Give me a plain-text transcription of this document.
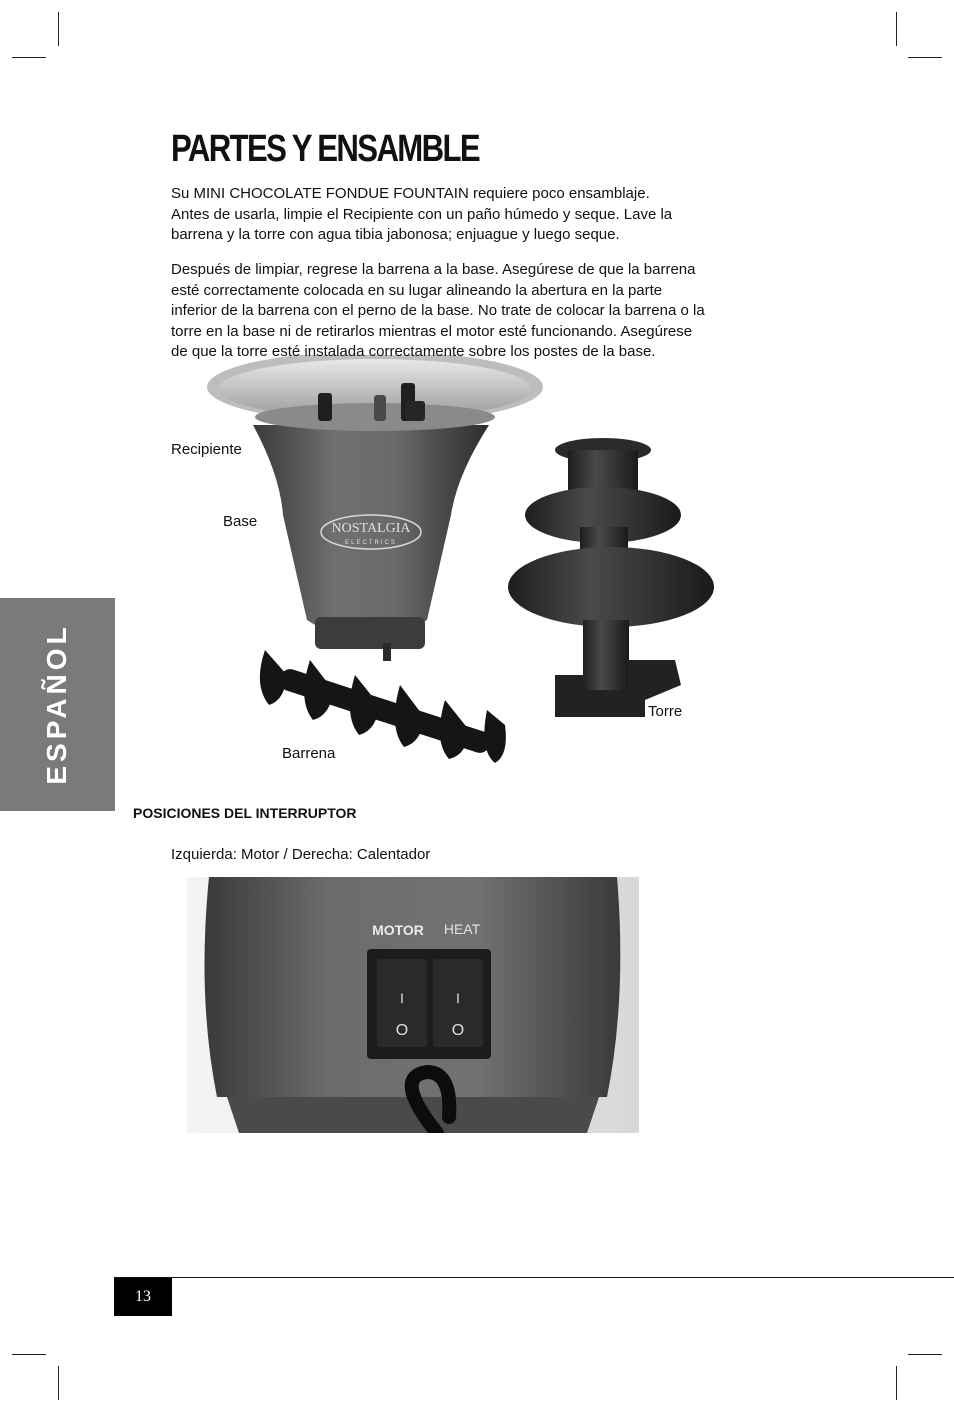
PARTES Y ENSAMBLE
Su MINI CHOCOLATE FONDUE FOUNTAIN requiere poco ensamblaje.
Antes de usarla, limpie el Recipiente con un paño húmedo y seque. Lave la
barrena y la torre con agua tibia jabonosa; enjuague y luego seque.
NOSTALGIA
ELECTRICS
Después de limpiar, regrese la barrena a la base. Asegúrese de que la barrena
esté correctamente colocada en su lugar alineando la abertura en la parte
inferior de la barrena con el perno de la base. No trate de colocar la barrena o la
torre en la base ni de retirarlos mientras el motor esté funcionando. Asegúrese
de que la torre esté instalada correctamente sobre los postes de la base.
Recipiente
Base
Torre
Barrena
ESPAÑOL
POSICIONES DEL INTERRUPTOR
Izquierda: Motor / Derecha: Calentador
MOTOR HEAT
I
O
I
O
13
